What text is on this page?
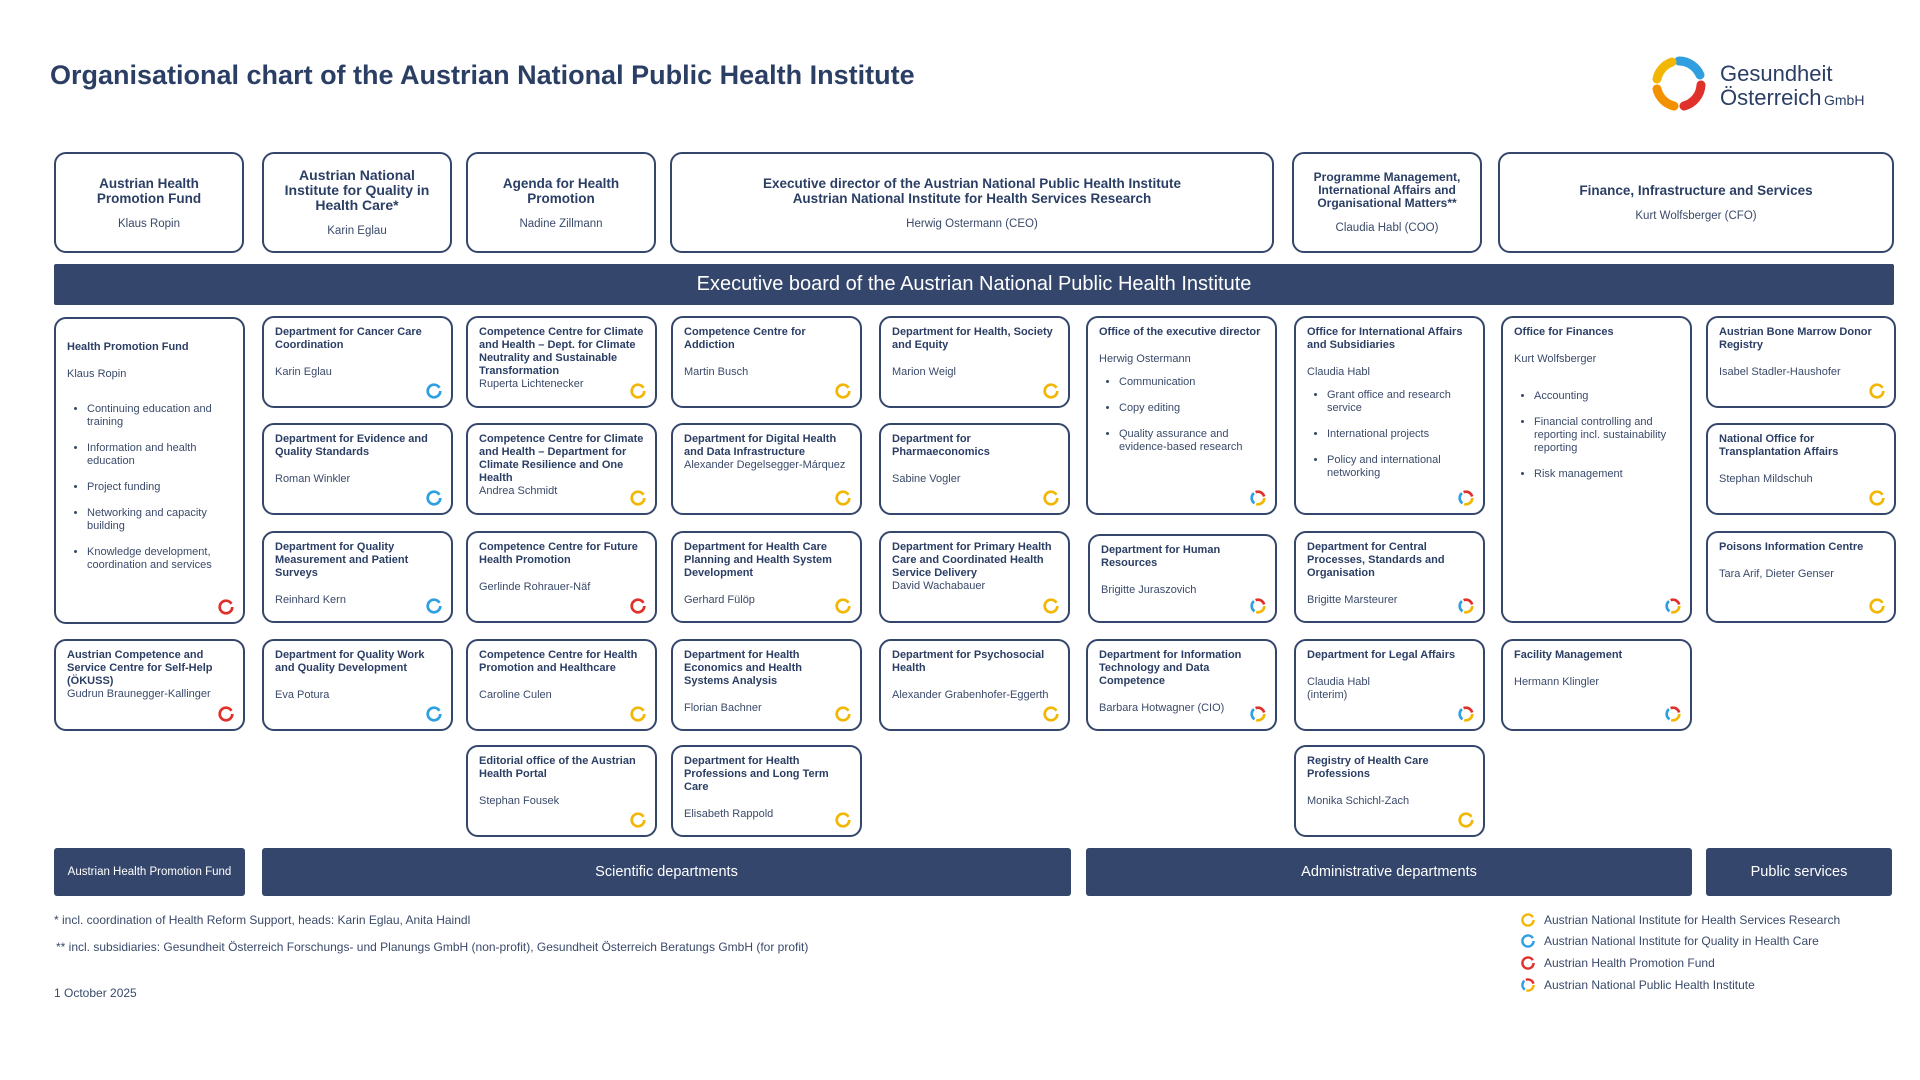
Organisational chart of the Austrian National Public Health Institute	Gesundheit
Österreich GmbH
Austrian Health Promotion Fund
Klaus Ropin
Austrian National Institute for Quality in Health Care*
Karin Eglau
Agenda for Health Promotion
Nadine Zillmann
Executive director of the Austrian National Public Health Institute Austrian National Institute for Health Services Research
Herwig Ostermann (CEO)
Programme Management, International Affairs and Organisational Matters**
Claudia Habl (COO)
Finance, Infrastructure and Services
Kurt Wolfsberger (CFO)
Executive board of the Austrian National Public Health Institute
Health Promotion Fund
Klaus Ropin
• Continuing education and training
• Information and health education
• Project funding
• Networking and capacity building
• Knowledge development, coordination and services
Austrian Competence and Service Centre for Self-Help (ÖKUSS)
Gudrun Braunegger-Kallinger
Department for Cancer Care Coordination
Karin Eglau
Department for Evidence and Quality Standards
Roman Winkler
Department for Quality Measurement and Patient Surveys
Reinhard Kern
Department for Quality Work and Quality Development
Eva Potura
Competence Centre for Climate and Health – Dept. for Climate Neutrality and Sustainable Transformation
Ruperta Lichtenecker
Competence Centre for Climate and Health – Department for Climate Resilience and One Health
Andrea Schmidt
Competence Centre for Future Health Promotion
Gerlinde Rohrauer-Näf
Competence Centre for Health Promotion and Healthcare
Caroline Culen
Editorial office of the Austrian Health Portal
Stephan Fousek
Competence Centre for Addiction
Martin Busch
Department for Digital Health and Data Infrastructure
Alexander Degelsegger-Márquez
Department for Health Care Planning and Health System Development
Gerhard Fülöp
Department for Health Economics and Health Systems Analysis
Florian Bachner
Department for Health Professions and Long Term Care
Elisabeth Rappold
Department for Health, Society and Equity
Marion Weigl
Department for Pharmaeconomics
Sabine Vogler
Department for Primary Health Care and Coordinated Health Service Delivery
David Wachabauer
Department for Psychosocial Health
Alexander Grabenhofer-Eggerth
Office of the executive director
Herwig Ostermann
• Communication
• Copy editing
• Quality assurance and evidence-based research
Department for Human Resources
Brigitte Juraszovich
Department for Information Technology and Data Competence
Barbara Hotwagner (CIO)
Office for International Affairs and Subsidiaries
Claudia Habl
• Grant office and research service
• International projects
• Policy and international networking
Department for Central Processes, Standards and Organisation
Brigitte Marsteurer
Department for Legal Affairs
Claudia Habl (interim)
Registry of Health Care Professions
Monika Schichl-Zach
Office for Finances
Kurt Wolfsberger
• Accounting
• Financial controlling and reporting incl. sustainability reporting
• Risk management
Facility Management
Hermann Klingler
Austrian Bone Marrow Donor Registry
Isabel Stadler-Haushofer
National Office for Transplantation Affairs
Stephan Mildschuh
Poisons Information Centre
Tara Arif, Dieter Genser
Austrian Health Promotion Fund	Scientific departments	Administrative departments	Public services
* incl. coordination of Health Reform Support, heads: Karin Eglau, Anita Haindl
** incl. subsidiaries: Gesundheit Österreich Forschungs- und Planungs GmbH (non-profit), Gesundheit Österreich Beratungs GmbH (for profit)
1 October 2025
Austrian National Institute for Health Services Research
Austrian National Institute for Quality in Health Care
Austrian Health Promotion Fund
Austrian National Public Health Institute
